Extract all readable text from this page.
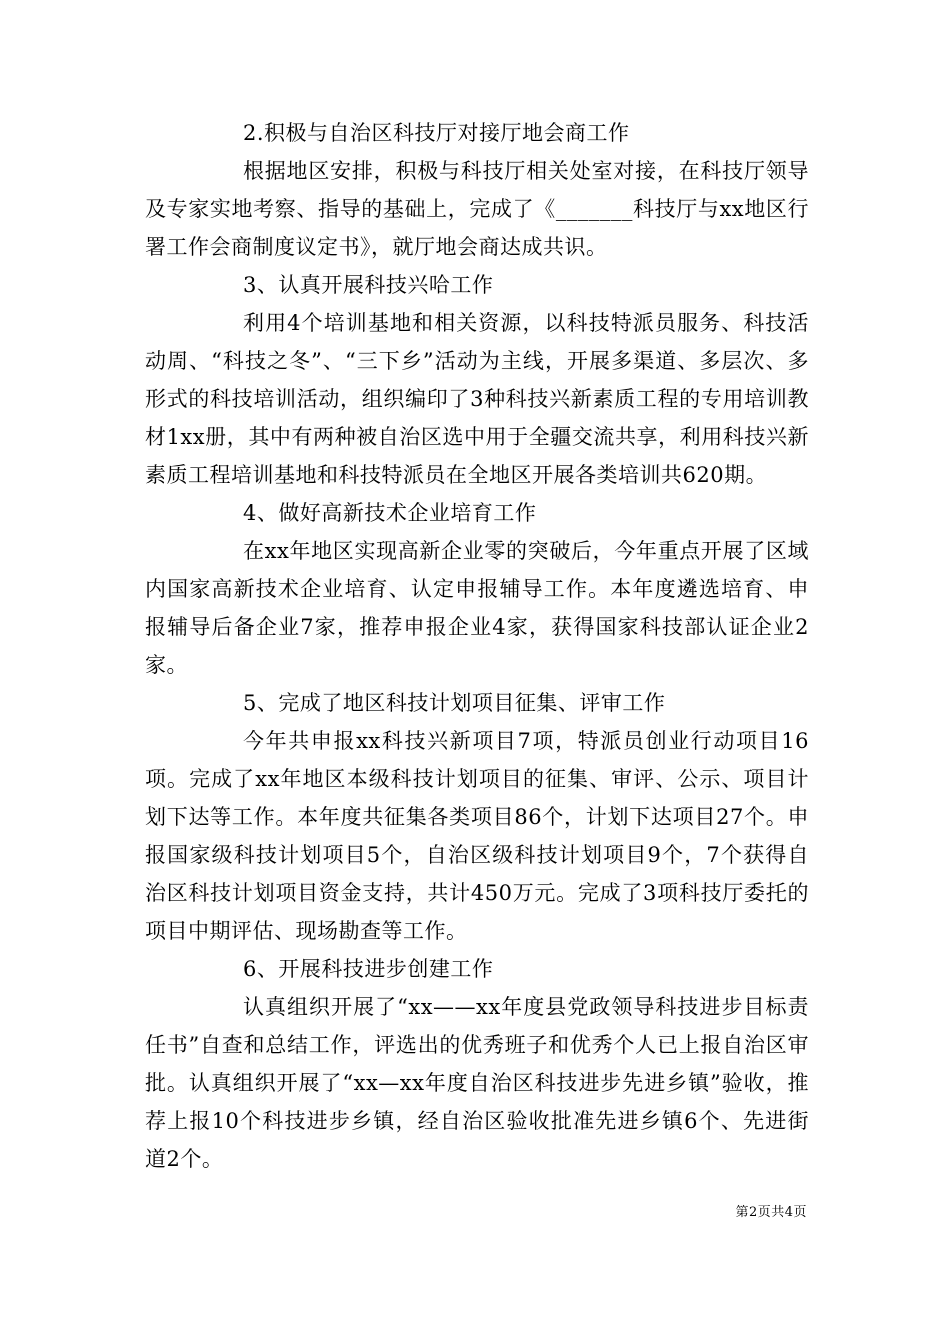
2.积极与自治区科技厅对接厅地会商工作

根据地区安排，积极与科技厅相关处室对接，在科技厅领导及专家实地考察、指导的基础上，完成了《_______科技厅与xx地区行署工作会商制度议定书》，就厅地会商达成共识。

3、认真开展科技兴哈工作

利用4个培训基地和相关资源，以科技特派员服务、科技活动周、“科技之冬”、“三下乡”活动为主线，开展多渠道、多层次、多形式的科技培训活动，组织编印了3种科技兴新素质工程的专用培训教材1xx册，其中有两种被自治区选中用于全疆交流共享，利用科技兴新素质工程培训基地和科技特派员在全地区开展各类培训共620期。

4、做好高新技术企业培育工作

在xx年地区实现高新企业零的突破后，今年重点开展了区域内国家高新技术企业培育、认定申报辅导工作。本年度遴选培育、申报辅导后备企业7家，推荐申报企业4家，获得国家科技部认证企业2家。

5、完成了地区科技计划项目征集、评审工作

今年共申报xx科技兴新项目7项，特派员创业行动项目16项。完成了xx年地区本级科技计划项目的征集、审评、公示、项目计划下达等工作。本年度共征集各类项目86个，计划下达项目27个。申报国家级科技计划项目5个，自治区级科技计划项目9个，7个获得自治区科技计划项目资金支持，共计450万元。完成了3项科技厅委托的项目中期评估、现场勘查等工作。

6、开展科技进步创建工作

认真组织开展了“xx——xx年度县党政领导科技进步目标责任书”自查和总结工作，评选出的优秀班子和优秀个人已上报自治区审批。认真组织开展了“xx—xx年度自治区科技进步先进乡镇”验收，推荐上报10个科技进步乡镇，经自治区验收批准先进乡镇6个、先进街道2个。

第2页共4页
